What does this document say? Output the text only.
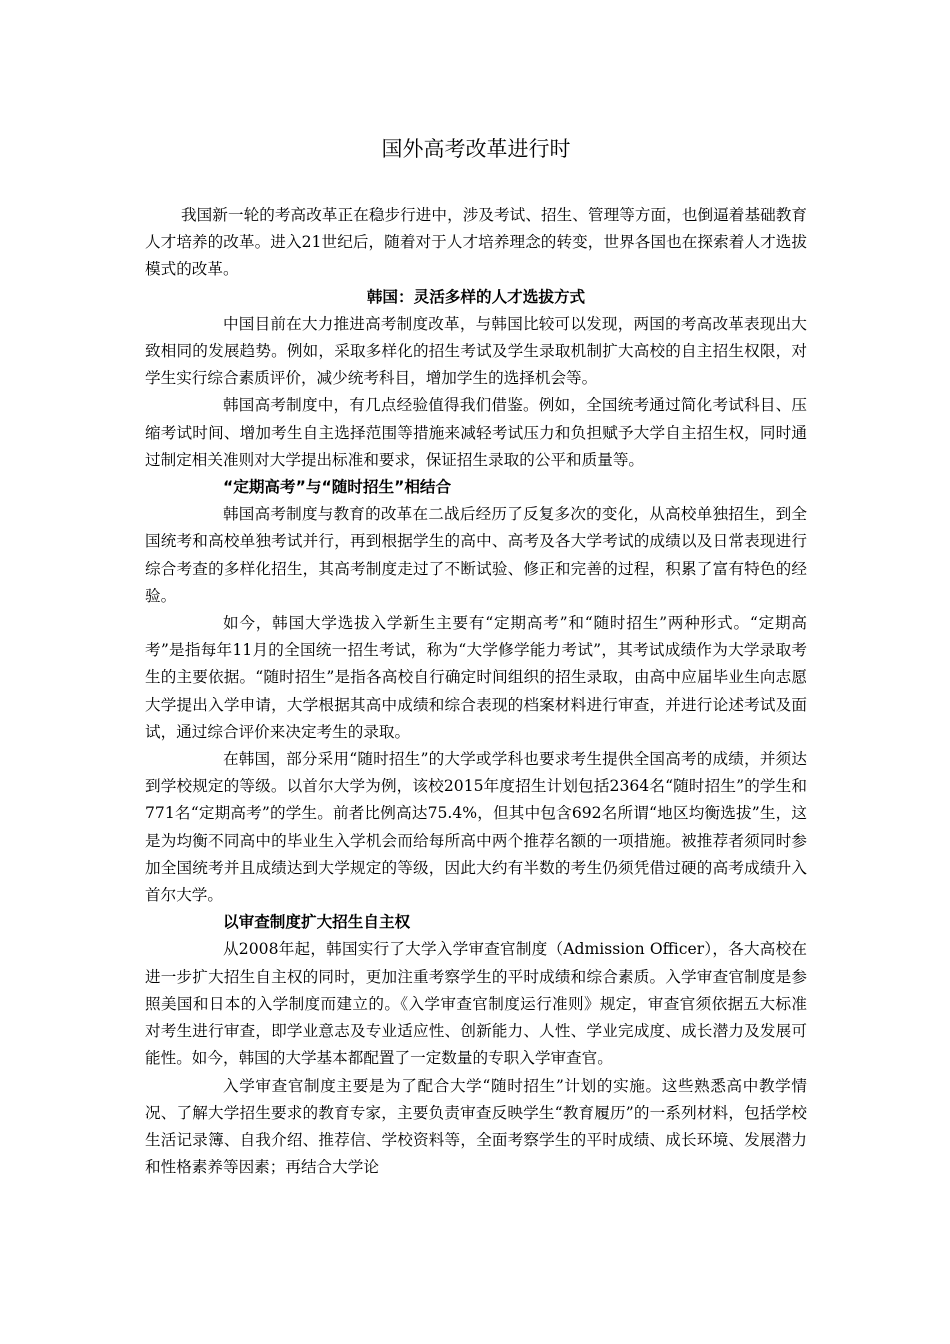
国外高考改革进行时

我国新一轮的考高改革正在稳步行进中，涉及考试、招生、管理等方面，也倒逼着基础教育人才培养的改革。进入21世纪后，随着对于人才培养理念的转变，世界各国也在探索着人才选拔模式的改革。

韩国：灵活多样的人才选拔方式

中国目前在大力推进高考制度改革，与韩国比较可以发现，两国的考高改革表现出大致相同的发展趋势。例如，采取多样化的招生考试及学生录取机制扩大高校的自主招生权限，对学生实行综合素质评价，减少统考科目，增加学生的选择机会等。

韩国高考制度中，有几点经验值得我们借鉴。例如，全国统考通过简化考试科目、压缩考试时间、增加考生自主选择范围等措施来减轻考试压力和负担赋予大学自主招生权，同时通过制定相关准则对大学提出标准和要求，保证招生录取的公平和质量等。

“定期高考”与“随时招生”相结合

韩国高考制度与教育的改革在二战后经历了反复多次的变化，从高校单独招生，到全国统考和高校单独考试并行，再到根据学生的高中、高考及各大学考试的成绩以及日常表现进行综合考查的多样化招生，其高考制度走过了不断试验、修正和完善的过程，积累了富有特色的经验。

如今，韩国大学选拔入学新生主要有“定期高考”和“随时招生”两种形式。“定期高考”是指每年11月的全国统一招生考试，称为“大学修学能力考试”，其考试成绩作为大学录取考生的主要依据。“随时招生”是指各高校自行确定时间组织的招生录取，由高中应届毕业生向志愿大学提出入学申请，大学根据其高中成绩和综合表现的档案材料进行审查，并进行论述考试及面试，通过综合评价来决定考生的录取。

在韩国，部分采用“随时招生”的大学或学科也要求考生提供全国高考的成绩，并须达到学校规定的等级。以首尔大学为例，该校2015年度招生计划包括2364名“随时招生”的学生和771名“定期高考”的学生。前者比例高达75.4%，但其中包含692名所谓“地区均衡选拔”生，这是为均衡不同高中的毕业生入学机会而给每所高中两个推荐名额的一项措施。被推荐者须同时参加全国统考并且成绩达到大学规定的等级，因此大约有半数的考生仍须凭借过硬的高考成绩升入首尔大学。

以审查制度扩大招生自主权

从2008年起，韩国实行了大学入学审查官制度（Admission Officer），各大高校在进一步扩大招生自主权的同时，更加注重考察学生的平时成绩和综合素质。入学审查官制度是参照美国和日本的入学制度而建立的。《入学审查官制度运行准则》规定，审查官须依据五大标准对考生进行审查，即学业意志及专业适应性、创新能力、人性、学业完成度、成长潜力及发展可能性。如今，韩国的大学基本都配置了一定数量的专职入学审查官。

入学审查官制度主要是为了配合大学“随时招生”计划的实施。这些熟悉高中教学情况、了解大学招生要求的教育专家，主要负责审查反映学生“教育履历”的一系列材料，包括学校生活记录簿、自我介绍、推荐信、学校资料等，全面考察学生的平时成绩、成长环境、发展潜力和性格素养等因素；再结合大学论
